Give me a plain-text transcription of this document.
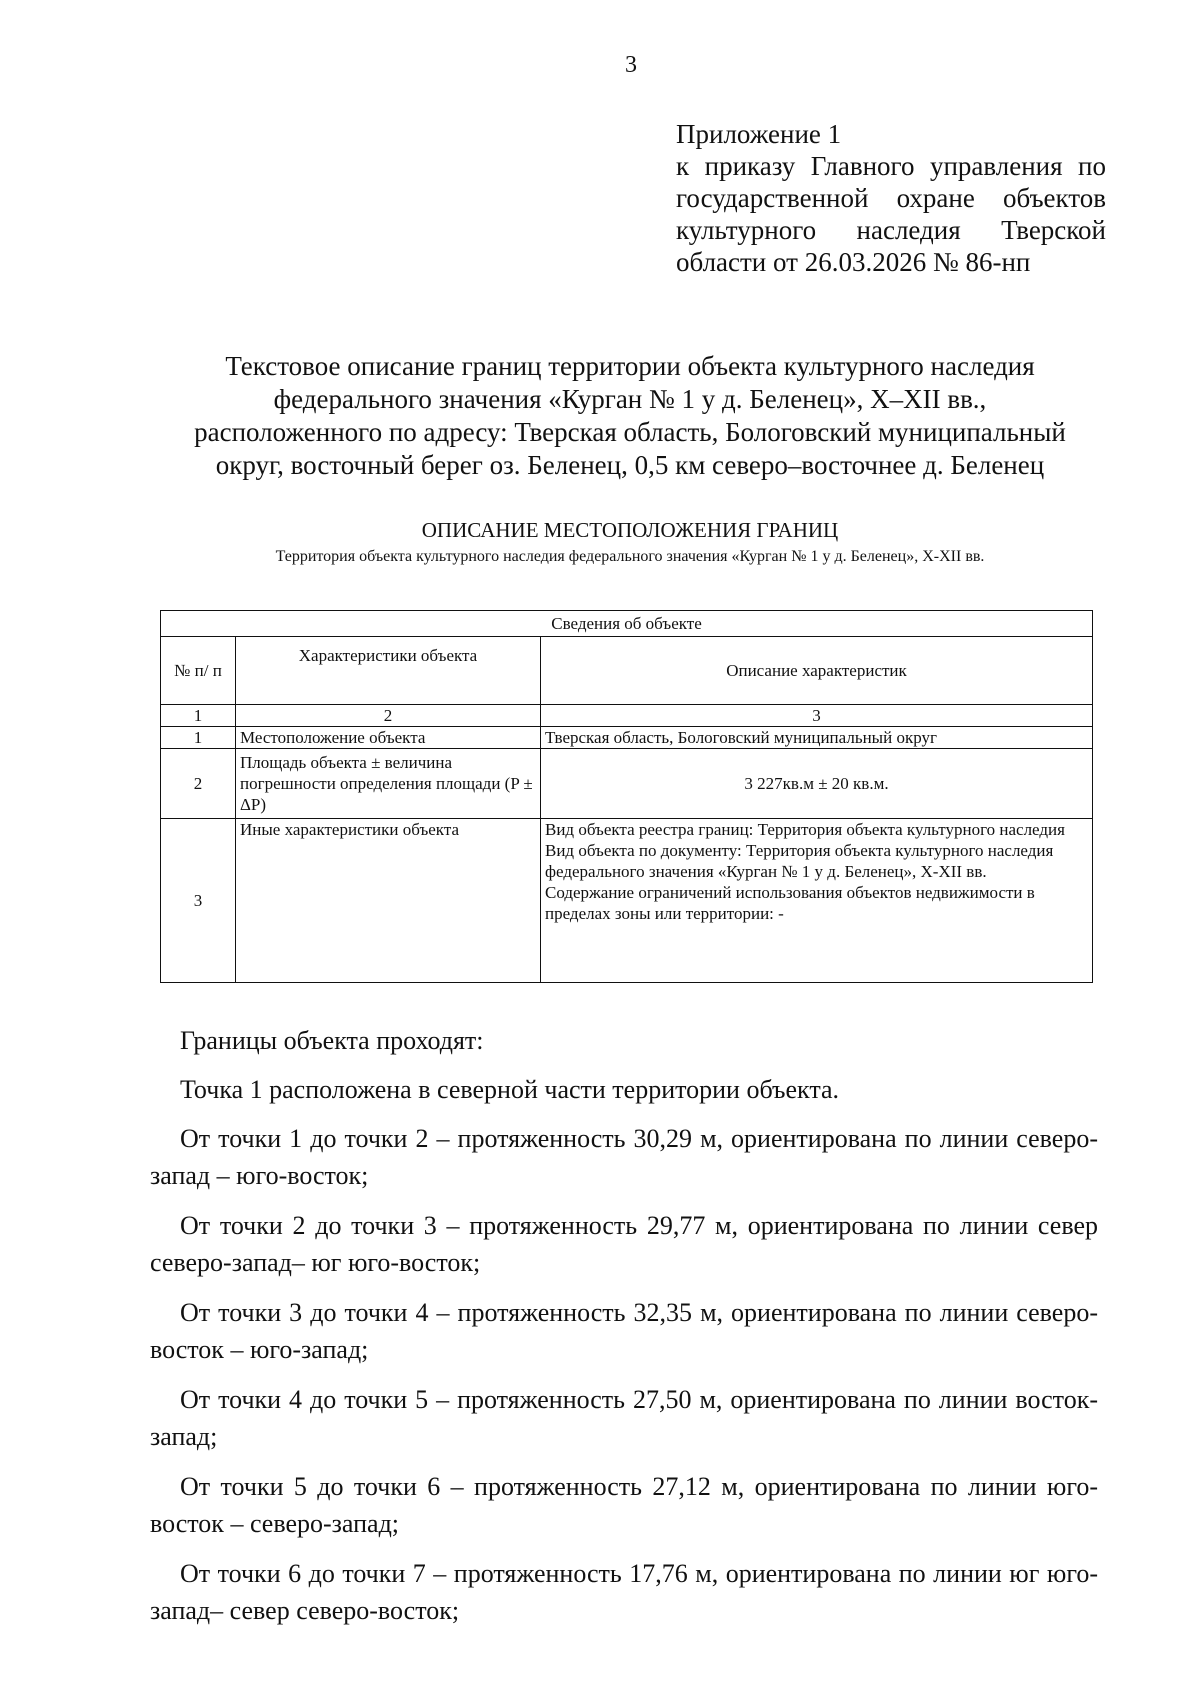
3
Приложение 1
к приказу Главного управления по
государственной охране объектов
культурного наследия Тверской
области от 26.03.2026 № 86-нп
Текстовое описание границ территории объекта культурного наследия
федерального значения «Курган № 1 у д. Беленец», X–XII вв.,
расположенного по адресу: Тверская область, Бологовский муниципальный
округ, восточный берег оз. Беленец, 0,5 км северо–восточнее д. Беленец
ОПИСАНИЕ МЕСТОПОЛОЖЕНИЯ ГРАНИЦ
Территория объекта культурного наследия федерального значения «Курган № 1 у д. Беленец», X-XII вв.
Сведения об объекте		
№ п/ п	Характеристики объекта	Описание характеристик
1	2	3
1	Местоположение объекта	Тверская область, Бологовский муниципальный округ
2	Площадь объекта ± величина погрешности определения площади (P ± ΔP)	3 227кв.м ± 20 кв.м.
3	Иные характеристики объекта	Вид объекта реестра границ: Территория объекта культурного наследия
Вид объекта по документу: Территория объекта культурного наследия федерального значения «Курган № 1 у д. Беленец», X-XII вв.
Содержание ограничений использования объектов недвижимости в пределах зоны или территории: -

Границы объекта проходят:

Точка 1 расположена в северной части территории объекта.

От точки 1 до точки 2 – протяженность 30,29 м, ориентирована по линии северо-запад – юго-восток;

От точки 2 до точки 3 – протяженность 29,77 м, ориентирована по линии север северо-запад– юг юго-восток;

От точки 3 до точки 4 – протяженность 32,35 м, ориентирована по линии северо-восток – юго-запад;

От точки 4 до точки 5 – протяженность 27,50 м, ориентирована по линии восток-запад;

От точки 5 до точки 6 – протяженность 27,12 м, ориентирована по линии юго-восток – северо-запад;

От точки 6 до точки 7 – протяженность 17,76 м, ориентирована по линии юг юго-запад– север северо-восток;
